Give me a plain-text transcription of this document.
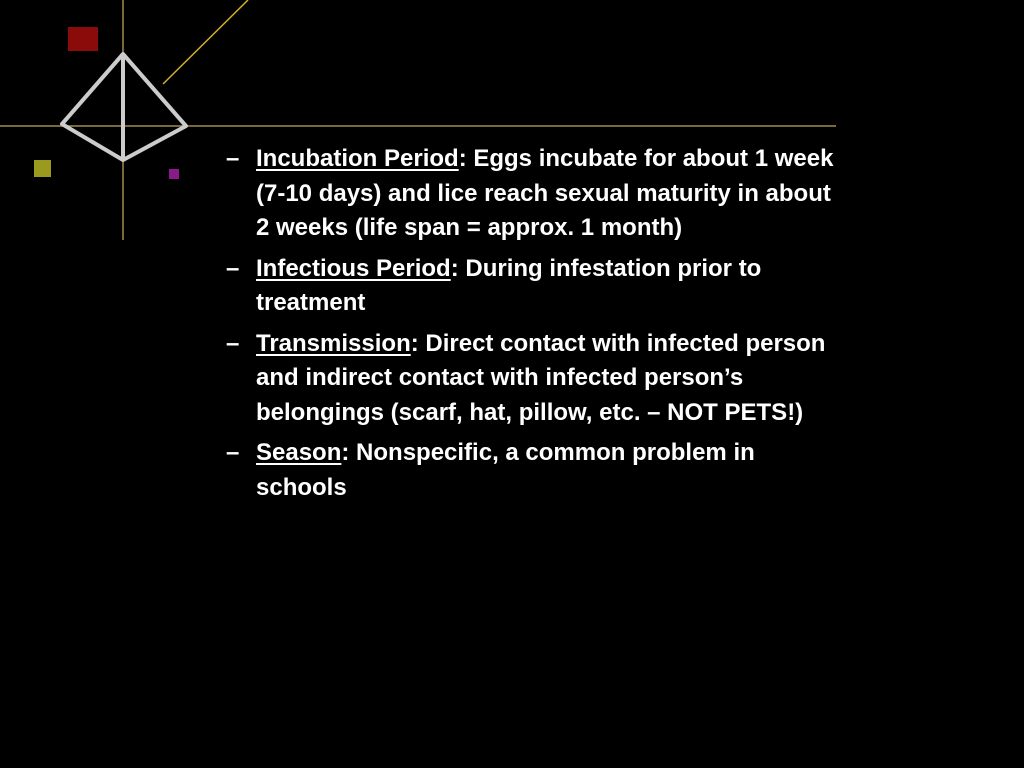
– Incubation Period: Eggs incubate for about 1 week (7-10 days) and lice reach sexual maturity in about 2 weeks (life span = approx. 1 month)
– Infectious Period: During infestation prior to treatment
– Transmission: Direct contact with infected person and indirect contact with infected person’s belongings (scarf, hat, pillow, etc. – NOT PETS!)
– Season: Nonspecific, a common problem in schools
